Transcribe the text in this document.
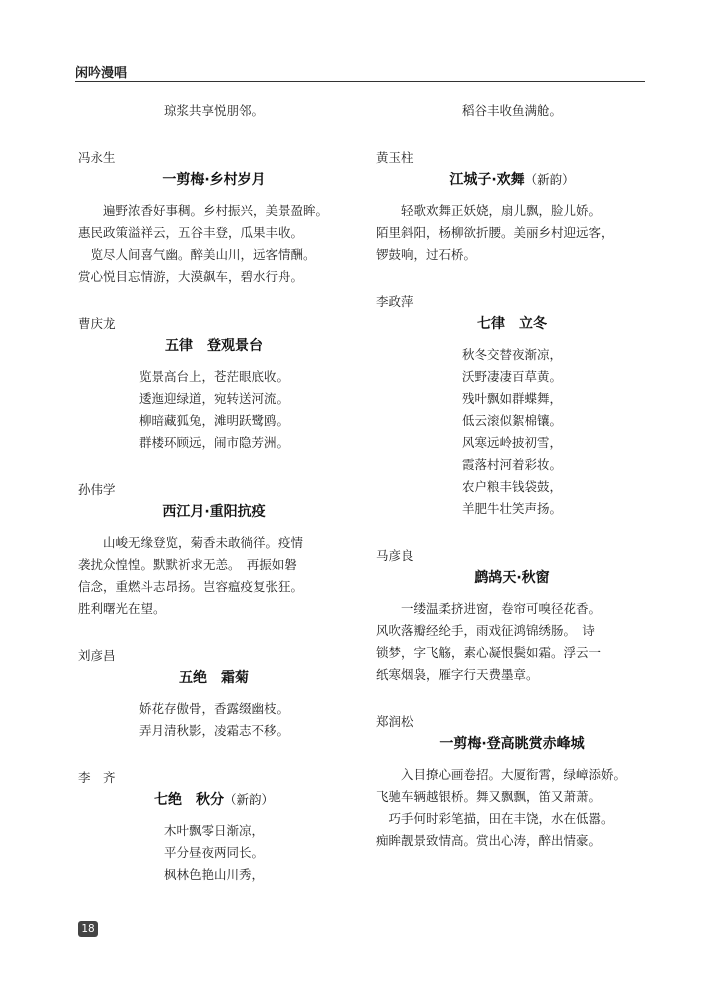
闲吟漫唱
琼浆共享悦朋邻。
冯永生
一剪梅·乡村岁月
遍野浓香好事稠。乡村振兴，美景盈眸。
惠民政策溢祥云，五谷丰登，瓜果丰收。
览尽人间喜气幽。醉美山川，远客情酬。
赏心悦目忘情游，大漠飙车，碧水行舟。
曹庆龙
五律　登观景台
览景高台上，苍茫眼底收。
逶迤迎绿道，宛转送河流。
柳暗藏狐兔，滩明跃鹭鸥。
群楼环顾远，闹市隐芳洲。
孙伟学
西江月·重阳抗疫
山峻无缘登览，菊香未敢徜徉。疫情
袭扰众惶惶。默默祈求无恙。　再振如磐
信念，重燃斗志昂扬。岂容瘟疫复张狂。
胜利曙光在望。
刘彦昌
五绝　霜菊
娇花存傲骨，香露缀幽枝。
弄月清秋影，凌霜志不移。
李　齐
七绝　秋分（新韵）
木叶飘零日渐凉，
平分昼夜两同长。
枫林色艳山川秀，
稻谷丰收鱼满舱。
黄玉柱
江城子·欢舞（新韵）
轻歌欢舞正妖娆，扇儿飘，脸儿娇。
陌里斜阳，杨柳欲折腰。美丽乡村迎远客，
锣鼓响，过石桥。
李政萍
七律　立冬
秋冬交替夜渐凉，
沃野凄凄百草黄。
残叶飘如群蝶舞，
低云滚似絮棉镶。
风寒远岭披初雪，
霞落村河着彩妆。
农户粮丰钱袋鼓，
羊肥牛壮笑声扬。
马彦良
鹧鸪天·秋窗
一缕温柔挤进窗，卷帘可嗅径花香。
风吹落瓣经纶手，雨戏征鸿锦绣肠。　诗
锁梦，字飞觞，素心凝恨鬓如霜。浮云一
纸寒烟袅，雁字行天费墨章。
郑润松
一剪梅·登高眺赏赤峰城
入目撩心画卷招。大厦衔霄，绿嶂添娇。
飞驰车辆越银桥。舞又飘飘，笛又萧萧。
巧手何时彩笔描，田在丰饶，水在低嚣。
痴眸靓景致情高。赏出心涛，醉出情豪。
18
